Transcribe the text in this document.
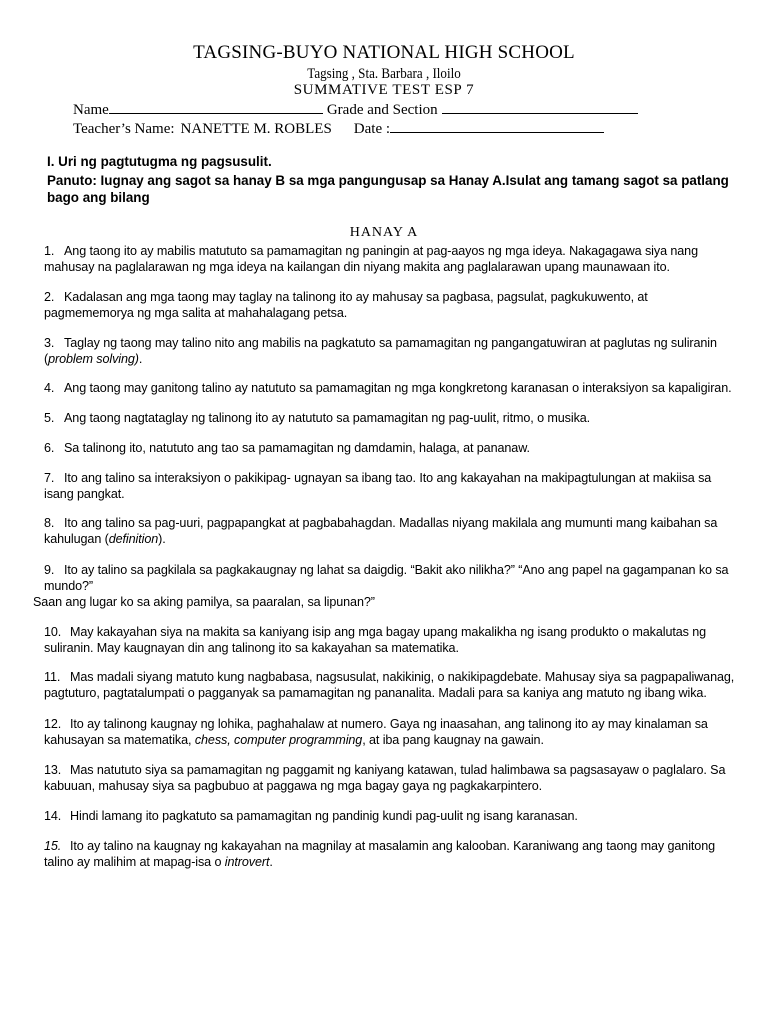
TAGSING-BUYO NATIONAL HIGH SCHOOL
Tagsing , Sta. Barbara , Iloilo
SUMMATIVE TEST ESP 7
Name	Grade and Section
Teacher’s Name: NANETTE M. ROBLES Date :
I. Uri ng pagtutugma ng pagsusulit.
Panuto: Iugnay ang sagot sa hanay B sa mga pangungusap sa Hanay A.Isulat ang tamang sagot sa patlang bago ang bilang
HANAY A
1. Ang taong ito ay mabilis matututo sa pamamagitan ng paningin at pag-aayos ng mga ideya. Nakagagawa siya nang mahusay na paglalarawan ng mga ideya na kailangan din niyang makita ang paglalarawan upang maunawaan ito.
2. Kadalasan ang mga taong may taglay na talinong ito ay mahusay sa pagbasa, pagsulat, pagkukuwento, at pagmememorya ng mga salita at mahahalagang petsa.
3. Taglay ng taong may talino nito ang mabilis na pagkatuto sa pamamagitan ng pangangatuwiran at paglutas ng suliranin (problem solving).
4. Ang taong may ganitong talino ay natututo sa pamamagitan ng mga kongkretong karanasan o interaksiyon sa kapaligiran.
5. Ang taong nagtataglay ng talinong ito ay natututo sa pamamagitan ng pag-uulit, ritmo, o musika.
6. Sa talinong ito, natututo ang tao sa pamamagitan ng damdamin, halaga, at pananaw.
7. Ito ang talino sa interaksiyon o pakikipag- ugnayan sa ibang tao. Ito ang kakayahan na makipagtulungan at makiisa sa isang pangkat.
8. Ito ang talino sa pag-uuri, pagpapangkat at pagbabahagdan. Madallas niyang makilala ang mumunti mang kaibahan sa kahulugan (definition).
9. Ito ay talino sa pagkilala sa pagkakaugnay ng lahat sa daigdig. “Bakit ako nilikha?” “Ano ang papel na gagampanan ko sa mundo?”
Saan ang lugar ko sa aking pamilya, sa paaralan, sa lipunan?”
10. May kakayahan siya na makita sa kaniyang isip ang mga bagay upang makalikha ng isang produkto o makalutas ng suliranin. May kaugnayan din ang talinong ito sa kakayahan sa matematika.
11. Mas madali siyang matuto kung nagbabasa, nagsusulat, nakikinig, o nakikipagdebate. Mahusay siya sa pagpapaliwanag, pagtuturo, pagtatalumpati o pagganyak sa pamamagitan ng pananalita. Madali para sa kaniya ang matuto ng ibang wika.
12. Ito ay talinong kaugnay ng lohika, paghahalaw at numero. Gaya ng inaasahan, ang talinong ito ay may kinalaman sa kahusayan sa matematika, chess, computer programming, at iba pang kaugnay na gawain.
13. Mas natututo siya sa pamamagitan ng paggamit ng kaniyang katawan, tulad halimbawa sa pagsasayaw o paglalaro. Sa kabuuan, mahusay siya sa pagbubuo at paggawa ng mga bagay gaya ng pagkakarpintero.
14. Hindi lamang ito pagkatuto sa pamamagitan ng pandinig kundi pag-uulit ng isang karanasan.
15. Ito ay talino na kaugnay ng kakayahan na magnilay at masalamin ang kalooban. Karaniwang ang taong may ganitong talino ay malihim at mapag-isa o introvert.
